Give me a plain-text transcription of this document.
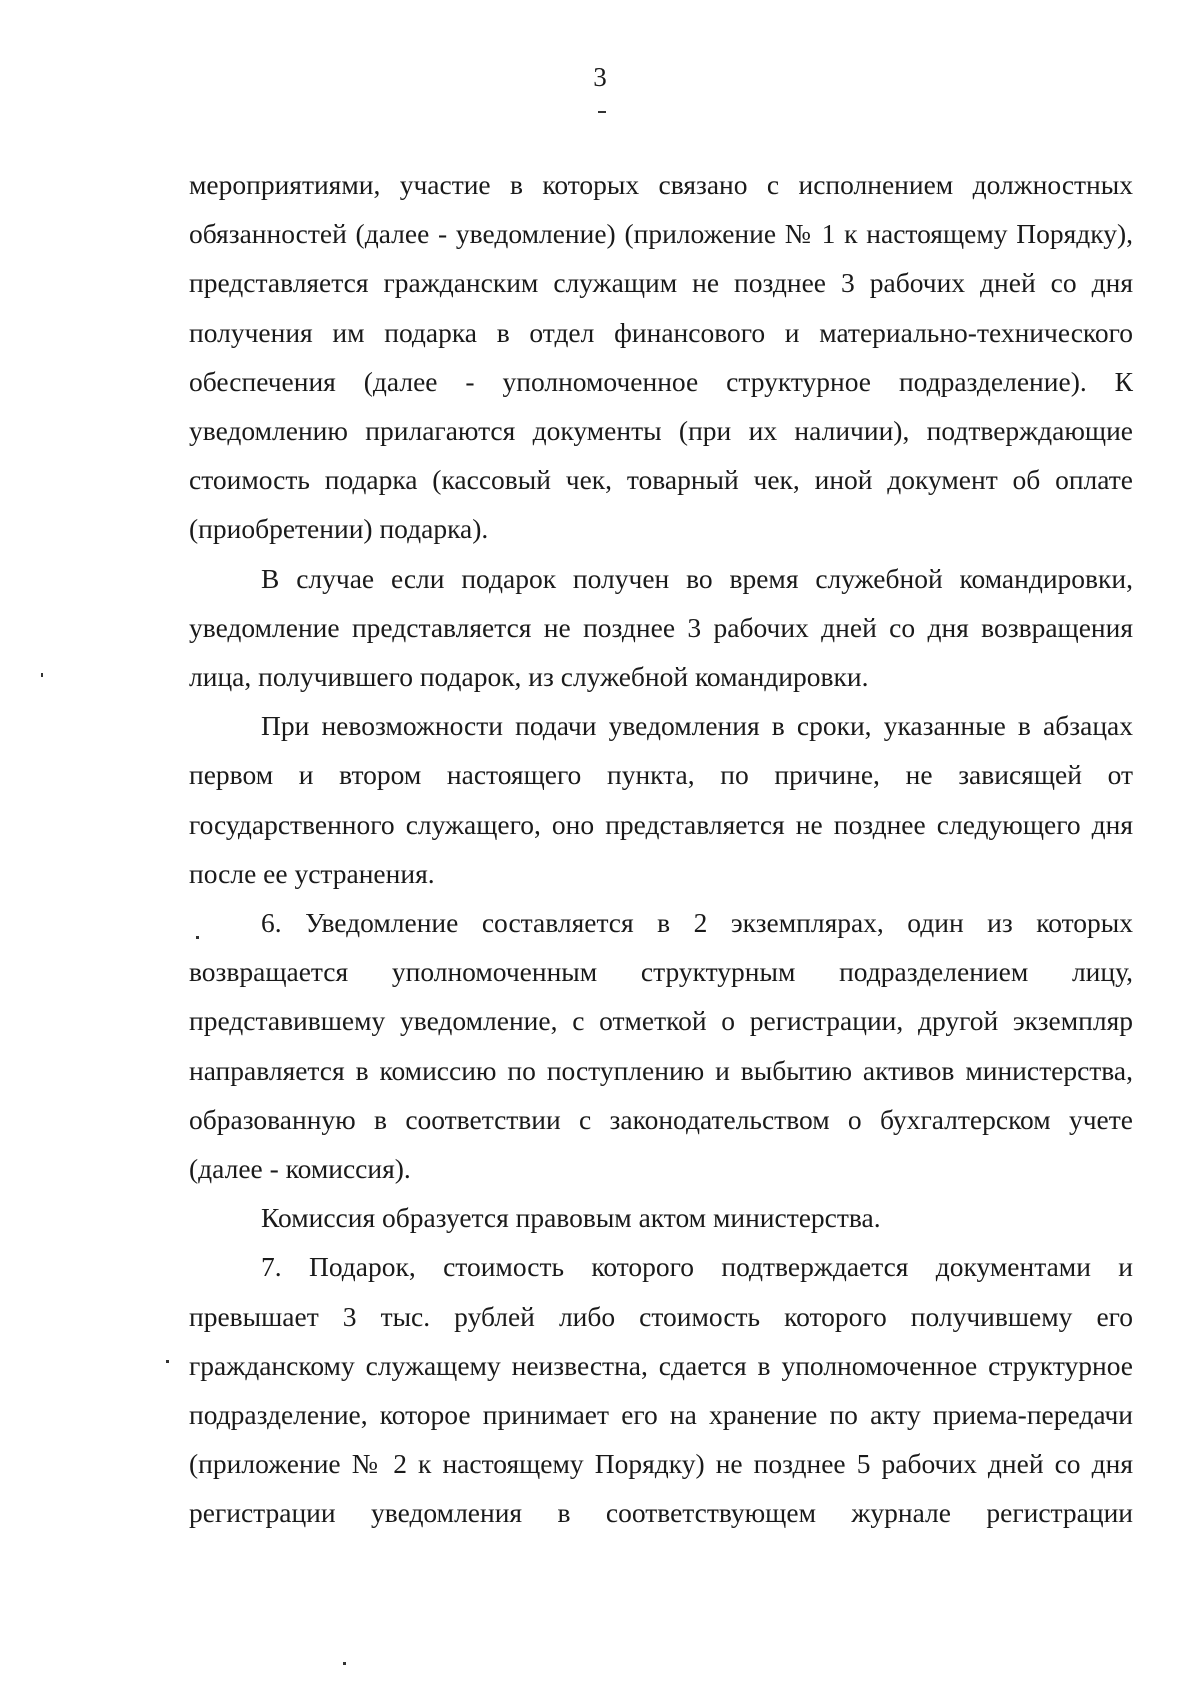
3
мероприятиями, участие в которых связано с исполнением должностных
обязанностей (далее - уведомление) (приложение № 1 к настоящему Порядку),
представляется гражданским служащим не позднее 3 рабочих дней со дня
получения им подарка в отдел финансового и материально-технического
обеспечения (далее - уполномоченное структурное подразделение). К
уведомлению прилагаются документы (при их наличии), подтверждающие
стоимость подарка (кассовый чек, товарный чек, иной документ об оплате
(приобретении) подарка).
В случае если подарок получен во время служебной командировки,
уведомление представляется не позднее 3 рабочих дней со дня возвращения
лица, получившего подарок, из служебной командировки.
При невозможности подачи уведомления в сроки, указанные в абзацах
первом и втором настоящего пункта, по причине, не зависящей от
государственного служащего, оно представляется не позднее следующего дня
после ее устранения.
6. Уведомление составляется в 2 экземплярах, один из которых
возвращается уполномоченным структурным подразделением лицу,
представившему уведомление, с отметкой о регистрации, другой экземпляр
направляется в комиссию по поступлению и выбытию активов министерства,
образованную в соответствии с законодательством о бухгалтерском учете
(далее - комиссия).
Комиссия образуется правовым актом министерства.
7. Подарок, стоимость которого подтверждается документами и
превышает 3 тыс. рублей либо стоимость которого получившему его
гражданскому служащему неизвестна, сдается в уполномоченное структурное
подразделение, которое принимает его на хранение по акту приема-передачи
(приложение № 2 к настоящему Порядку) не позднее 5 рабочих дней со дня
регистрации уведомления в соответствующем журнале регистрации
